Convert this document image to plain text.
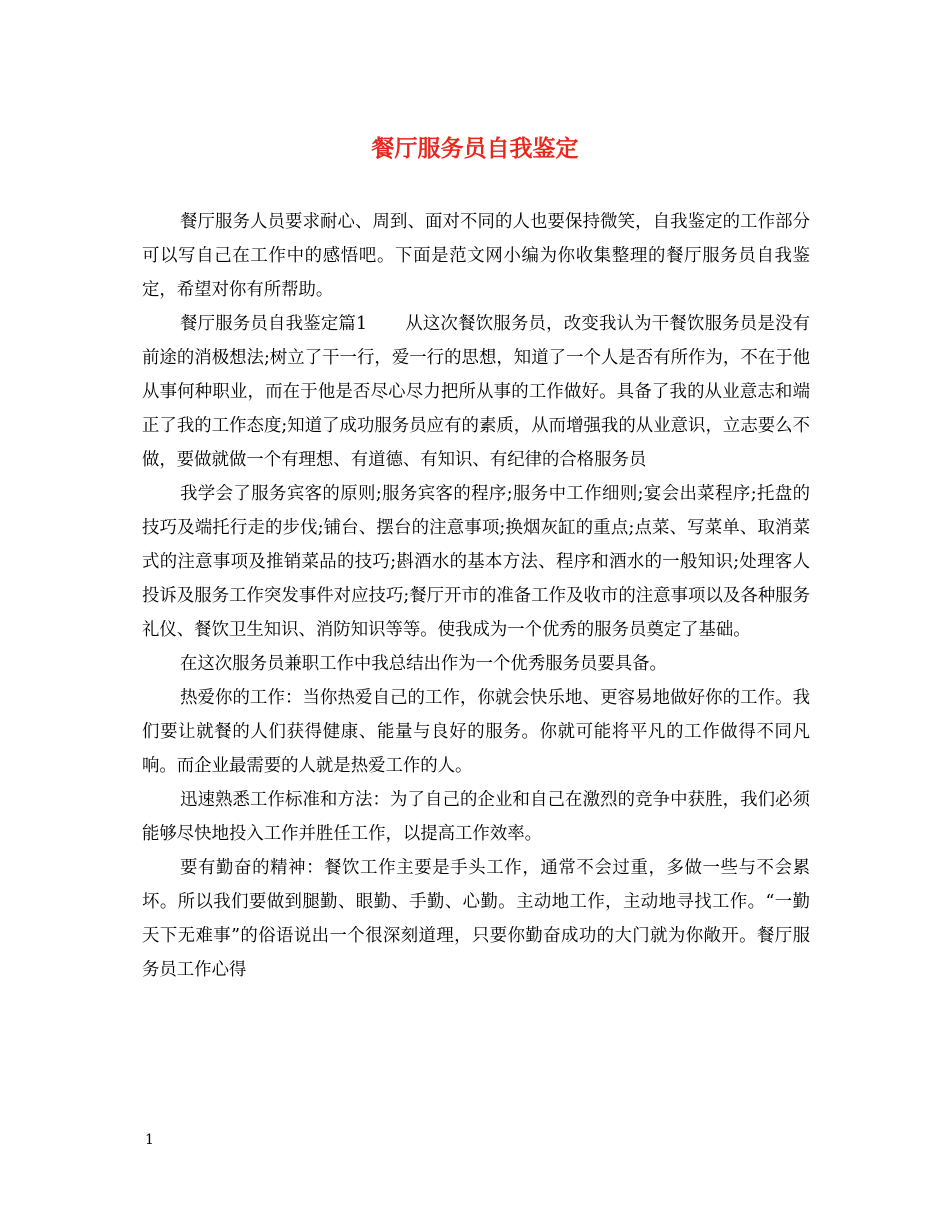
餐厅服务员自我鉴定

餐厅服务人员要求耐心、周到、面对不同的人也要保持微笑，自我鉴定的工作部分可以写自己在工作中的感悟吧。下面是范文网小编为你收集整理的餐厅服务员自我鉴定，希望对你有所帮助。

餐厅服务员自我鉴定篇1 从这次餐饮服务员，改变我认为干餐饮服务员是没有前途的消极想法;树立了干一行，爱一行的思想，知道了一个人是否有所作为，不在于他从事何种职业，而在于他是否尽心尽力把所从事的工作做好。具备了我的从业意志和端正了我的工作态度;知道了成功服务员应有的素质，从而增强我的从业意识，立志要么不做，要做就做一个有理想、有道德、有知识、有纪律的合格服务员

我学会了服务宾客的原则;服务宾客的程序;服务中工作细则;宴会出菜程序;托盘的技巧及端托行走的步伐;铺台、摆台的注意事项;换烟灰缸的重点;点菜、写菜单、取消菜式的注意事项及推销菜品的技巧;斟酒水的基本方法、程序和酒水的一般知识;处理客人投诉及服务工作突发事件对应技巧;餐厅开市的准备工作及收市的注意事项以及各种服务礼仪、餐饮卫生知识、消防知识等等。使我成为一个优秀的服务员奠定了基础。

在这次服务员兼职工作中我总结出作为一个优秀服务员要具备。

热爱你的工作：当你热爱自己的工作，你就会快乐地、更容易地做好你的工作。我们要让就餐的人们获得健康、能量与良好的服务。你就可能将平凡的工作做得不同凡响。而企业最需要的人就是热爱工作的人。

迅速熟悉工作标准和方法：为了自己的企业和自己在激烈的竞争中获胜，我们必须能够尽快地投入工作并胜任工作，以提高工作效率。

要有勤奋的精神：餐饮工作主要是手头工作，通常不会过重，多做一些与不会累坏。所以我们要做到腿勤、眼勤、手勤、心勤。主动地工作，主动地寻找工作。“一勤天下无难事”的俗语说出一个很深刻道理，只要你勤奋成功的大门就为你敞开。餐厅服务员工作心得

1
